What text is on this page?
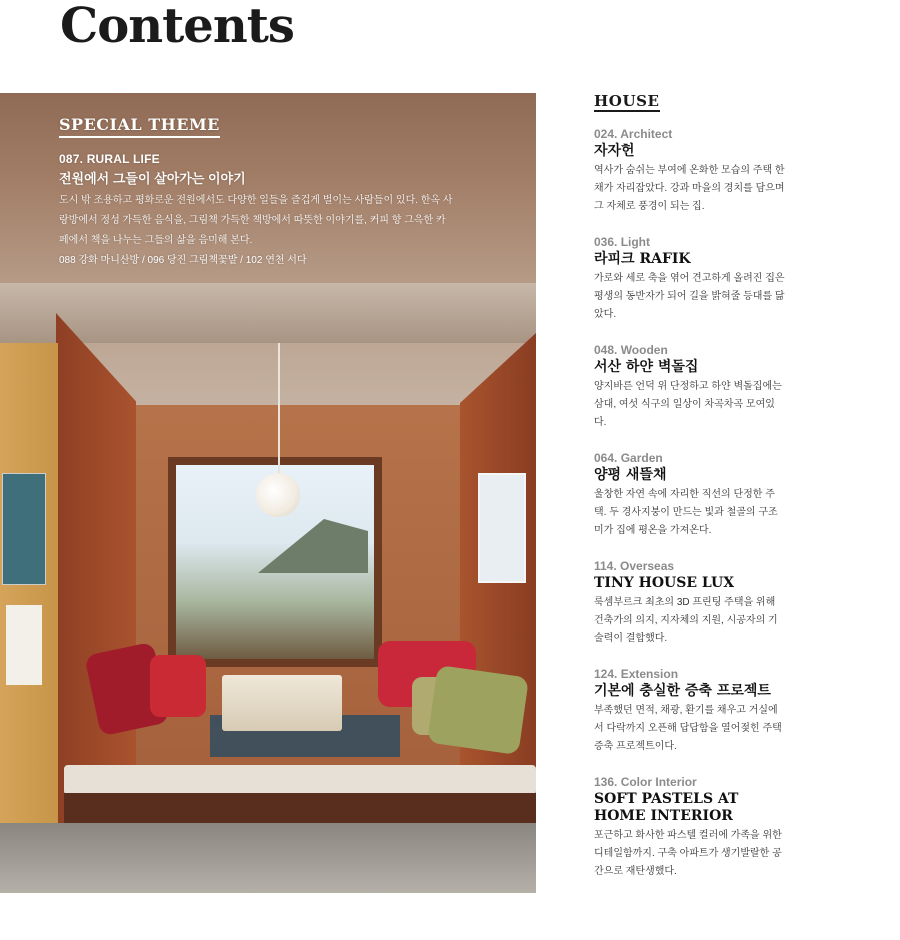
Contents

SPECIAL THEME

087. RURAL LIFE

전원에서 그들이 살아가는 이야기

도시 밖 조용하고 평화로운 전원에서도 다양한 일들을 즐겁게 벌이는 사람들이 있다. 한옥 사랑방에서 정성 가득한 음식을, 그림책 가득한 책방에서 따뜻한 이야기를, 커피 향 그윽한 카페에서 책을 나누는 그들의 삶을 음미해 본다.

088 강화 마니산방 / 096 당진 그림책꽃밭 / 102 연천 서다

HOUSE

024. Architect

자자헌

역사가 숨쉬는 부여에 온화한 모습의 주택 한 채가 자리잡았다. 강과 마을의 경치를 담으며 그 자체로 풍경이 되는 집.

036. Light

라피크 RAFIK

가로와 세로 축을 엮어 견고하게 올려진 집은 평생의 동반자가 되어 길을 밝혀줄 등대를 닮았다.

048. Wooden

서산 하얀 벽돌집

양지바른 언덕 위 단정하고 하얀 벽돌집에는 삼대, 여섯 식구의 일상이 차곡차곡 모여있다.

064. Garden

양평 새뜰채

울창한 자연 속에 자리한 직선의 단정한 주택. 두 경사지붕이 만드는 빛과 철골의 구조미가 집에 평온을 가져온다.

114. Overseas

TINY HOUSE LUX

룩셈부르크 최초의 3D 프린팅 주택을 위해 건축가의 의지, 지자체의 지원, 시공자의 기술력이 결합했다.

124. Extension

기본에 충실한 증축 프로젝트

부족했던 면적, 채광, 환기를 채우고 거실에서 다락까지 오픈해 답답함을 열어젖힌 주택 증축 프로젝트이다.

136. Color Interior

SOFT PASTELS AT HOME INTERIOR

포근하고 화사한 파스텔 컬러에 가족을 위한 디테일함까지. 구축 아파트가 생기발랄한 공간으로 재탄생했다.
